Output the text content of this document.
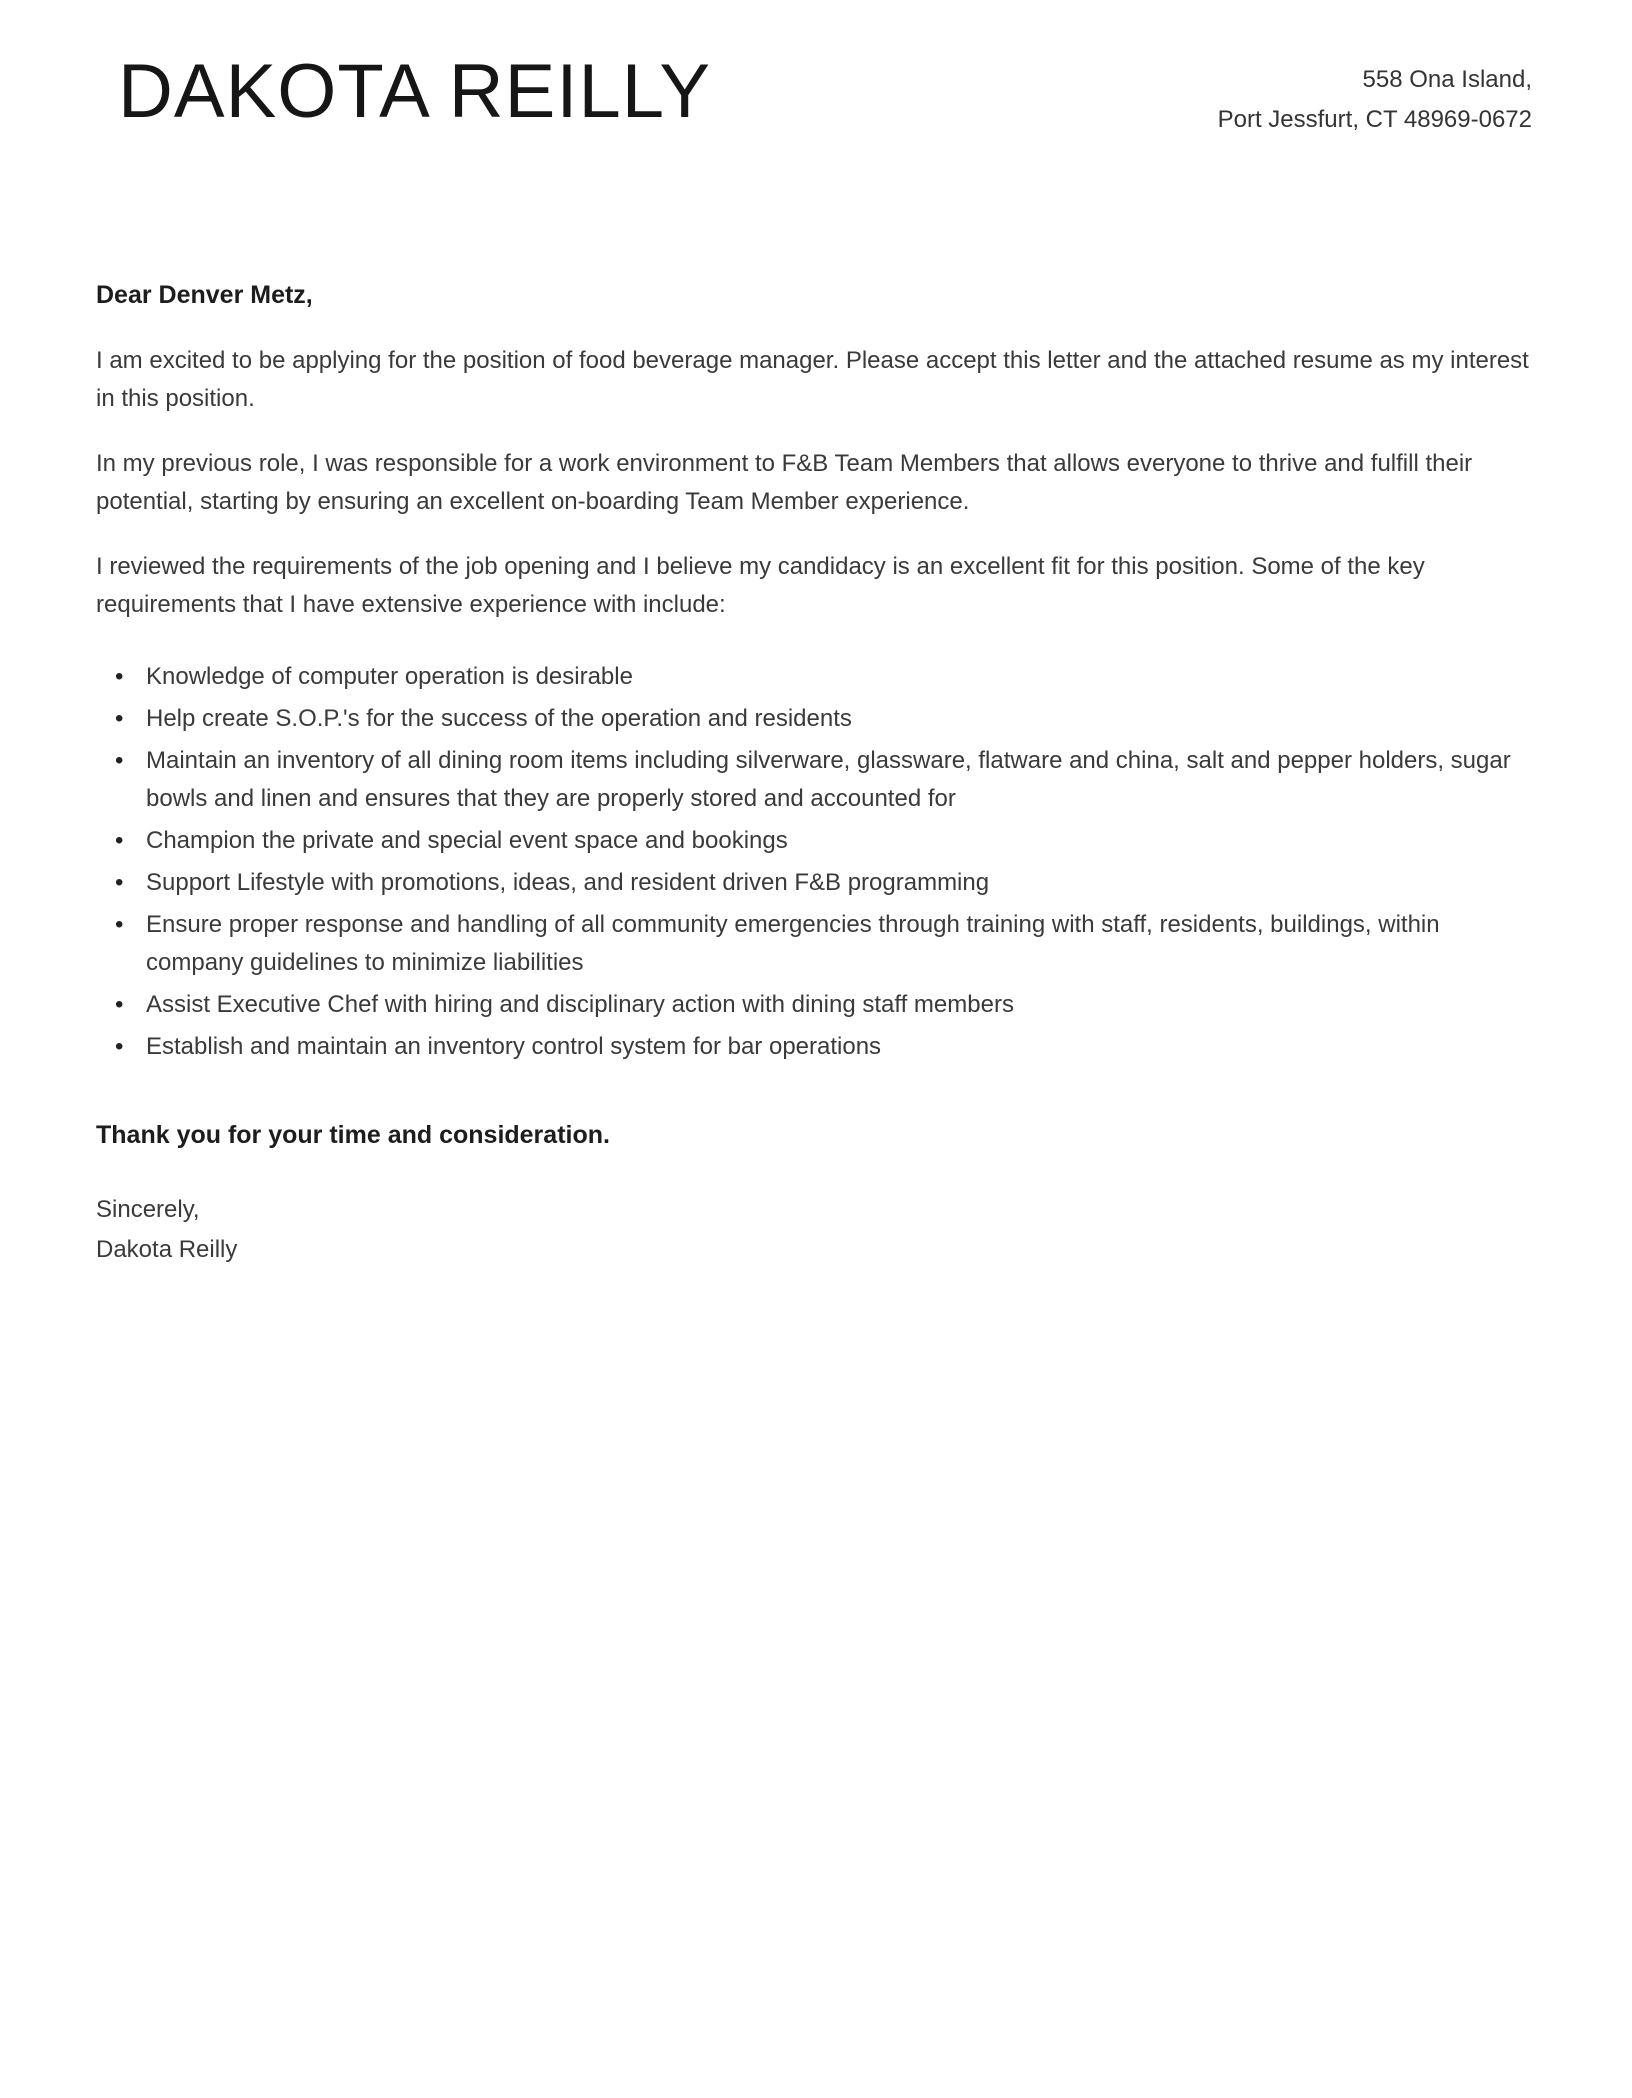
DAKOTA REILLY	558 Ona Island,
Port Jessfurt, CT 48969-0672

Dear Denver Metz,

I am excited to be applying for the position of food beverage manager. Please accept this letter and the attached resume as my interest in this position.

In my previous role, I was responsible for a work environment to F&B Team Members that allows everyone to thrive and fulfill their potential, starting by ensuring an excellent on-boarding Team Member experience.

I reviewed the requirements of the job opening and I believe my candidacy is an excellent fit for this position. Some of the key requirements that I have extensive experience with include:

• Knowledge of computer operation is desirable
• Help create S.O.P.'s for the success of the operation and residents
• Maintain an inventory of all dining room items including silverware, glassware, flatware and china, salt and pepper holders, sugar bowls and linen and ensures that they are properly stored and accounted for
• Champion the private and special event space and bookings
• Support Lifestyle with promotions, ideas, and resident driven F&B programming
• Ensure proper response and handling of all community emergencies through training with staff, residents, buildings, within company guidelines to minimize liabilities
• Assist Executive Chef with hiring and disciplinary action with dining staff members
• Establish and maintain an inventory control system for bar operations

Thank you for your time and consideration.

Sincerely,
Dakota Reilly
